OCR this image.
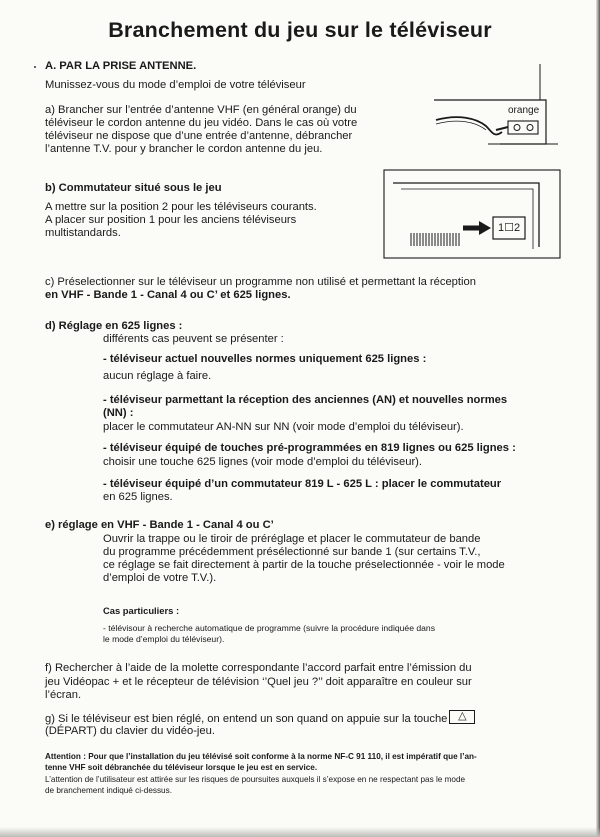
Branchement du jeu sur le téléviseur
A. PAR LA PRISE ANTENNE.
Munissez-vous du mode d’emploi de votre téléviseur
a) Brancher sur l’entrée d’antenne VHF (en général orange) du
téléviseur le cordon antenne du jeu vidéo. Dans le cas où votre
téléviseur ne dispose que d’une entrée d’antenne, débrancher
l’antenne T.V. pour y brancher le cordon antenne du jeu.
orange
b) Commutateur situé sous le jeu
A mettre sur la position 2 pour les téléviseurs courants.
A placer sur position 1 pour les anciens téléviseurs
multistandards.	1☐2
c) Préselectionner sur le téléviseur un programme non utilisé et permettant la réception
en VHF - Bande 1 - Canal 4 ou C’ et 625 lignes.
d) Réglage en 625 lignes :
différents cas peuvent se présenter :
- téléviseur actuel nouvelles normes uniquement 625 lignes :
aucun réglage à faire.
- téléviseur parmettant la réception des anciennes (AN) et nouvelles normes
(NN) :
placer le commutateur AN-NN sur NN (voir mode d’emploi du téléviseur).
- téléviseur équipé de touches pré-programmées en 819 lignes ou 625 lignes :
choisir une touche 625 lignes (voir mode d’emploi du téléviseur).
- téléviseur équipé d’un commutateur 819 L - 625 L : placer le commutateur
en 625 lignes.
e) réglage en VHF - Bande 1 - Canal 4 ou C’
Ouvrir la trappe ou le tiroir de préréglage et placer le commutateur de bande
du programme précédemment présélectionné sur bande 1 (sur certains T.V.,
ce réglage se fait directement à partir de la touche préselectionnée - voir le mode
d’emploi de votre T.V.).
Cas particuliers :
- télévisour à recherche automatique de programme (suivre la procédure indiquée dans
le mode d’emploi du téléviseur).
f) Rechercher à l’aide de la molette correspondante l’accord parfait entre l’émission du
jeu Vidéopac + et le récepteur de télévision ‘’Quel jeu ?’’ doit apparaître en couleur sur
l’écran.
g) Si le téléviseur est bien réglé, on entend un son quand on appuie sur la touche △
(DÉPART) du clavier du vidéo-jeu.
Attention : Pour que l’installation du jeu télévisé soit conforme à la norme NF-C 91 110, il est impératif que l’an-
tenne VHF soit débranchée du téléviseur lorsque le jeu est en service.
L’attention de l’utilisateur est attirée sur les risques de poursuites auxquels il s’expose en ne respectant pas le mode
de branchement indiqué ci-dessus.
